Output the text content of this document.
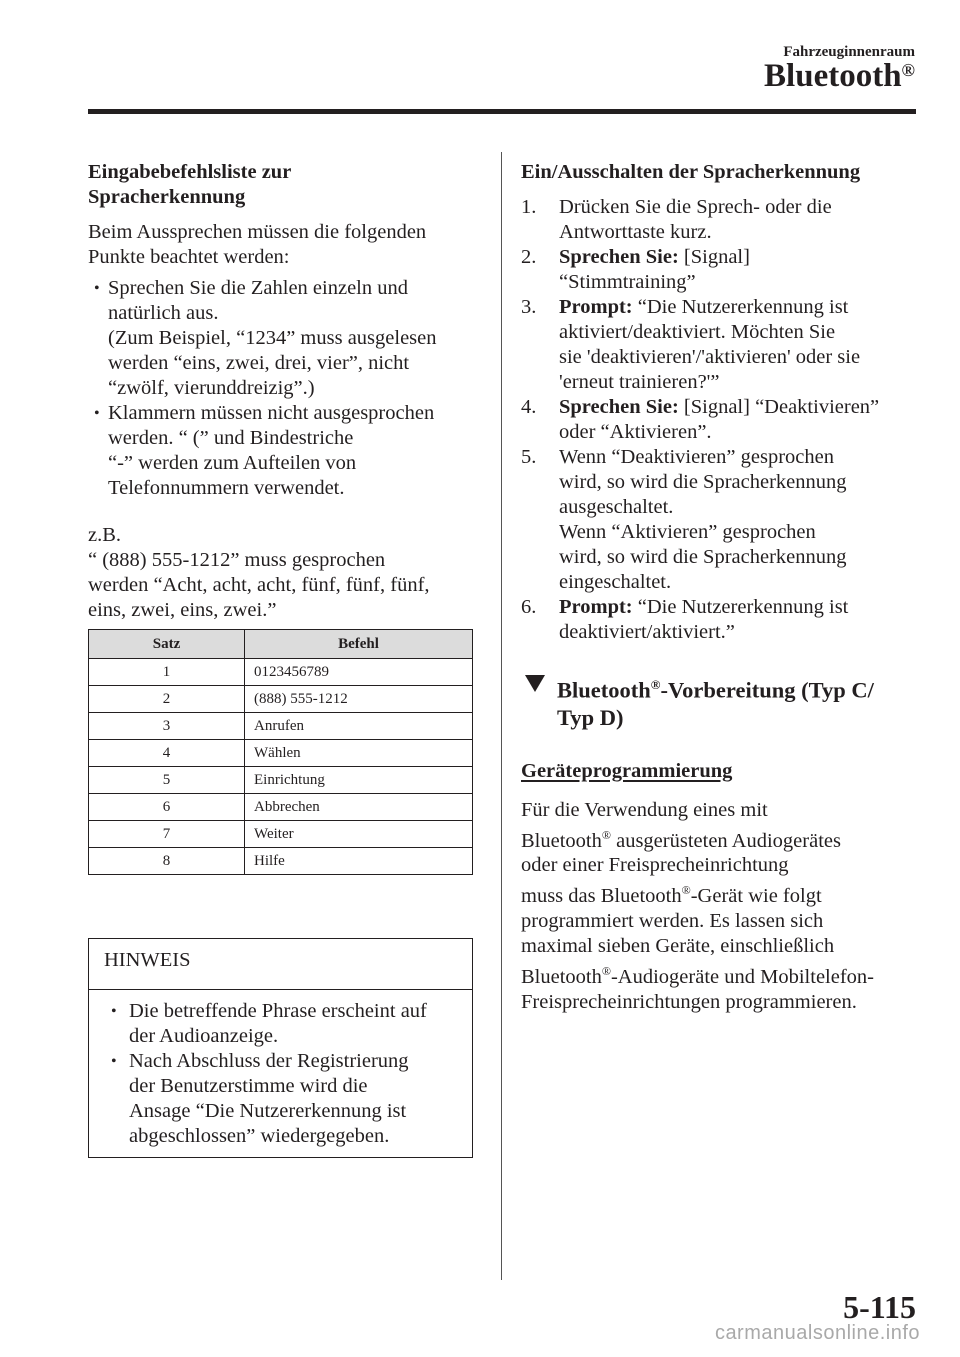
Fahrzeuginnenraum
Bluetooth®
Eingabebefehlsliste zur
Spracherkennung
Beim Aussprechen müssen die folgenden
Punkte beachtet werden:
• Sprechen Sie die Zahlen einzeln und
natürlich aus.
(Zum Beispiel, “1234” muss ausgelesen
werden “eins, zwei, drei, vier”, nicht
“zwölf, vierunddreizig”.)
• Klammern müssen nicht ausgesprochen
werden. “ (” und Bindestriche
“-” werden zum Aufteilen von
Telefonnummern verwendet.
z.B.
“ (888) 555-1212” muss gesprochen
werden “Acht, acht, acht, fünf, fünf, fünf,
eins, zwei, eins, zwei.”
Satz	Befehl
1	0123456789
2	(888) 555-1212
3	Anrufen
4	Wählen
5	Einrichtung
6	Abbrechen
7	Weiter
8	Hilfe
HINWEIS
• Die betreffende Phrase erscheint auf
der Audioanzeige.
• Nach Abschluss der Registrierung
der Benutzerstimme wird die
Ansage “Die Nutzererkennung ist
abgeschlossen” wiedergegeben.
Ein/Ausschalten der Spracherkennung
1. Drücken Sie die Sprech- oder die
Antworttaste kurz.
2. Sprechen Sie: [Signal]
“Stimmtraining”
3. Prompt: “Die Nutzererkennung ist
aktiviert/deaktiviert. Möchten Sie
sie 'deaktivieren'/'aktivieren' oder sie
'erneut trainieren?'”
4. Sprechen Sie: [Signal] “Deaktivieren”
oder “Aktivieren”.
5. Wenn “Deaktivieren” gesprochen
wird, so wird die Spracherkennung
ausgeschaltet.
Wenn “Aktivieren” gesprochen
wird, so wird die Spracherkennung
eingeschaltet.
6. Prompt: “Die Nutzererkennung ist
deaktiviert/aktiviert.”
Bluetooth®-Vorbereitung (Typ C/
Typ D)
Geräteprogrammierung
Für die Verwendung eines mit
Bluetooth® ausgerüsteten Audiogerätes
oder einer Freisprecheinrichtung
muss das Bluetooth®-Gerät wie folgt
programmiert werden. Es lassen sich
maximal sieben Geräte, einschließlich
Bluetooth®-Audiogeräte und Mobiltelefon-
Freisprecheinrichtungen programmieren.
5-115
carmanualsonline.info
